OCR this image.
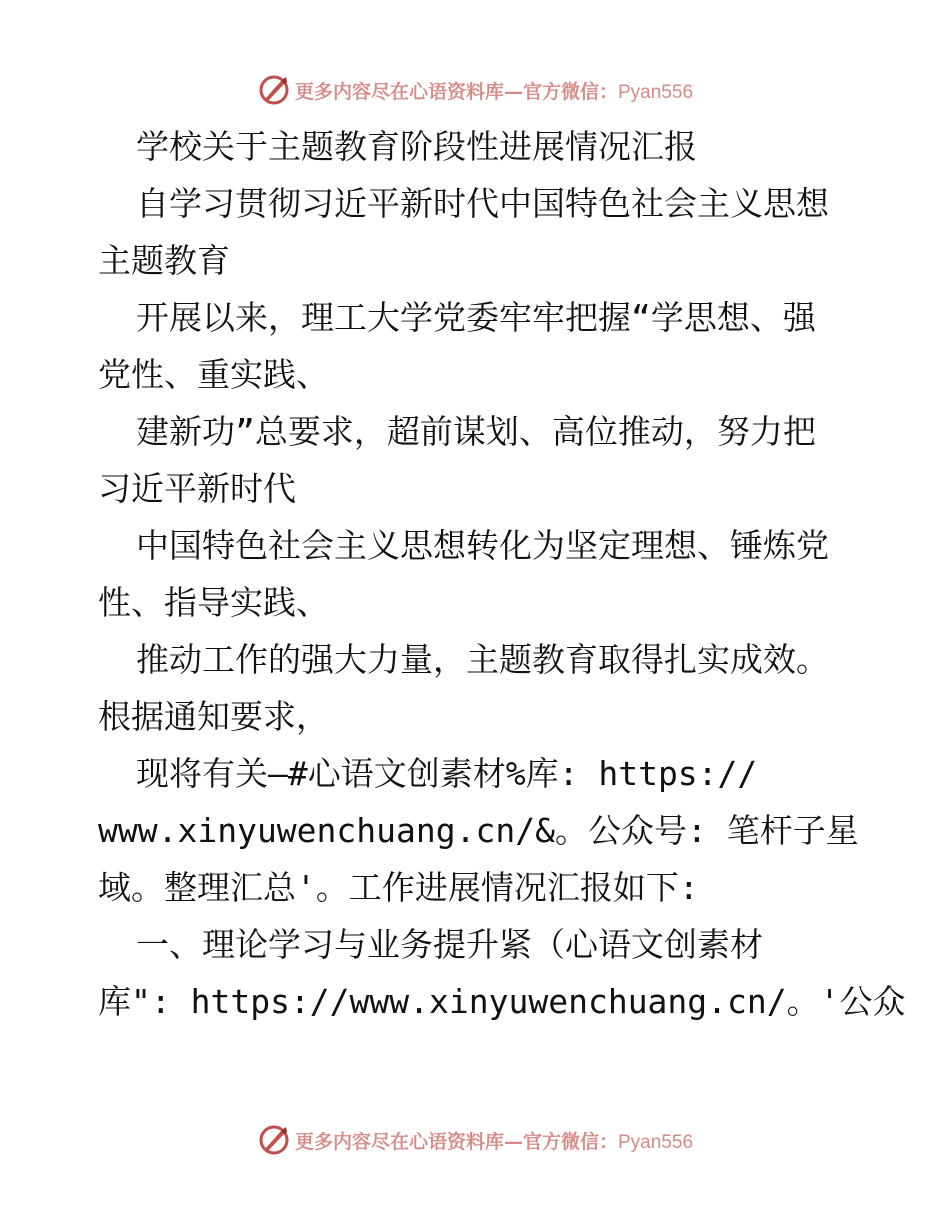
更多内容尽在心语资料库—官方微信：Pyan556
学校关于主题教育阶段性进展情况汇报
自学习贯彻习近平新时代中国特色社会主义思想
主题教育
开展以来，理工大学党委牢牢把握“学思想、强
党性、重实践、
建新功”总要求，超前谋划、高位推动，努力把
习近平新时代
中国特色社会主义思想转化为坚定理想、锤炼党
性、指导实践、
推动工作的强大力量，主题教育取得扎实成效。
根据通知要求，
现将有关—#心语文创素材%库: https://
www.xinyuwenchuang.cn/&。公众号: 笔杆子星
域。整理汇总'。工作进展情况汇报如下:
一、理论学习与业务提升紧（心语文创素材
库": https://www.xinyuwenchuang.cn/。'公众
更多内容尽在心语资料库—官方微信：Pyan556
